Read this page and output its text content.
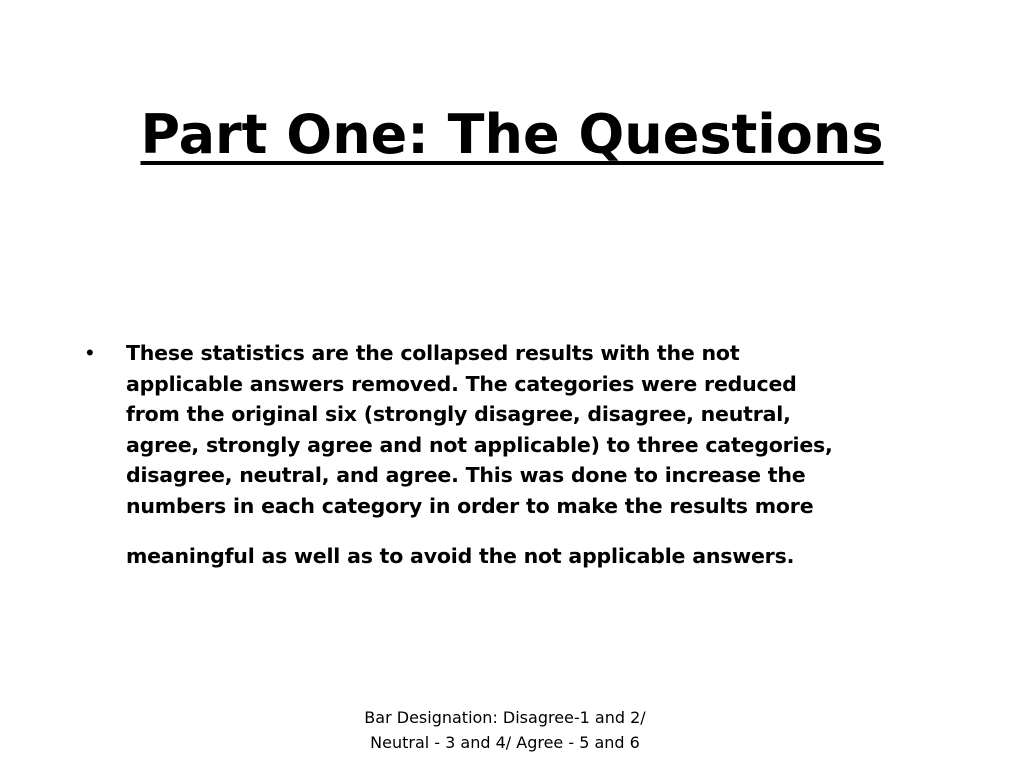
Part One: The Questions
• These statistics are the collapsed results with the not
applicable answers removed. The categories were reduced
from the original six (strongly disagree, disagree, neutral,
agree, strongly agree and not applicable) to three categories,
disagree, neutral, and agree. This was done to increase the
numbers in each category in order to make the results more
meaningful as well as to avoid the not applicable answers.
Bar Designation: Disagree-1 and 2/ Neutral - 3 and 4/ Agree - 5 and 6
